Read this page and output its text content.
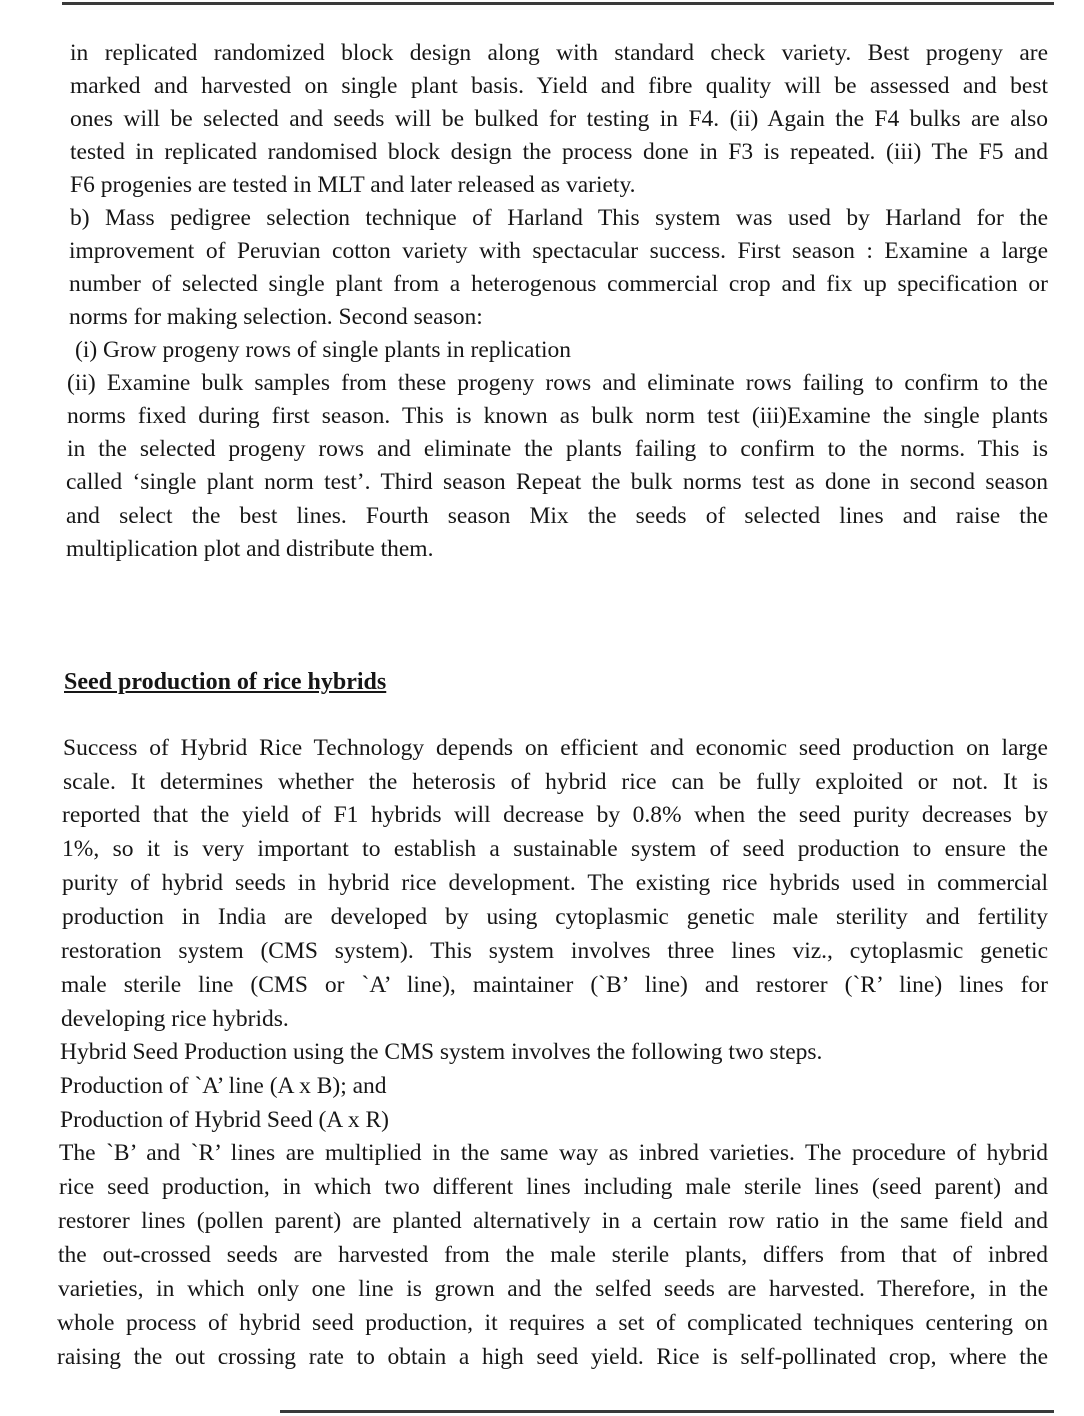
in replicated randomized block design along with standard check variety. Best progeny are

marked and harvested on single plant basis. Yield and fibre quality will be assessed and best

ones will be selected and seeds will be bulked for testing in F4. (ii) Again the F4 bulks are also

tested in replicated randomised block design the process done in F3 is repeated. (iii) The F5 and

F6 progenies are tested in MLT and later released as variety.

b) Mass pedigree selection technique of Harland This system was used by Harland for the

improvement of Peruvian cotton variety with spectacular success. First season : Examine a large

number of selected single plant from a heterogenous commercial crop and fix up specification or

norms for making selection. Second season:

(i) Grow progeny rows of single plants in replication

(ii) Examine bulk samples from these progeny rows and eliminate rows failing to confirm to the

norms fixed during first season. This is known as bulk norm test (iii)Examine the single plants

in the selected progeny rows and eliminate the plants failing to confirm to the norms. This is

called ‘single plant norm test’. Third season Repeat the bulk norms test as done in second season

and select the best lines. Fourth season Mix the seeds of selected lines and raise the

multiplication plot and distribute them.

Seed production of rice hybrids

Success of Hybrid Rice Technology depends on efficient and economic seed production on large

scale. It determines whether the heterosis of hybrid rice can be fully exploited or not. It is

reported that the yield of F1 hybrids will decrease by 0.8% when the seed purity decreases by

1%, so it is very important to establish a sustainable system of seed production to ensure the

purity of hybrid seeds in hybrid rice development. The existing rice hybrids used in commercial

production in India are developed by using cytoplasmic genetic male sterility and fertility

restoration system (CMS system). This system involves three lines viz., cytoplasmic genetic

male sterile line (CMS or `A’ line), maintainer (`B’ line) and restorer (`R’ line) lines for

developing rice hybrids.

Hybrid Seed Production using the CMS system involves the following two steps.

Production of `A’ line (A x B); and

Production of Hybrid Seed (A x R)

The `B’ and `R’ lines are multiplied in the same way as inbred varieties. The procedure of hybrid

rice seed production, in which two different lines including male sterile lines (seed parent) and

restorer lines (pollen parent) are planted alternatively in a certain row ratio in the same field and

the out-crossed seeds are harvested from the male sterile plants, differs from that of inbred

varieties, in which only one line is grown and the selfed seeds are harvested. Therefore, in the

whole process of hybrid seed production, it requires a set of complicated techniques centering on

raising the out crossing rate to obtain a high seed yield. Rice is self-pollinated crop, where the
